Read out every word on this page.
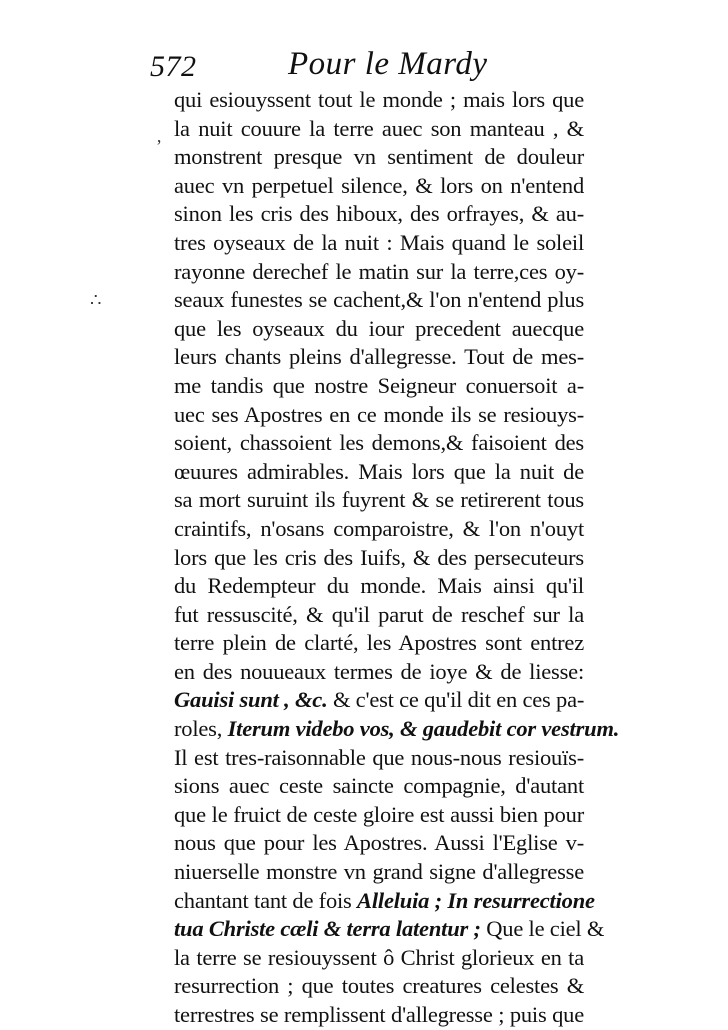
572	Pour le Mardy
ʼ
∴
qui esiouyssent tout le monde ; mais lors que
la nuit couure la terre auec son manteau , &
monstrent presque vn sentiment de douleur
auec vn perpetuel silence, & lors on n'entend
sinon les cris des hiboux, des orfrayes, & au-
tres oyseaux de la nuit : Mais quand le soleil
rayonne derechef le matin sur la terre,ces oy-
seaux funestes se cachent,& l'on n'entend plus
que les oyseaux du iour precedent auecque
leurs chants pleins d'allegresse. Tout de mes-
me tandis que nostre Seigneur conuersoit a-
uec ses Apostres en ce monde ils se resiouys-
soient, chassoient les demons,& faisoient des
œuures admirables. Mais lors que la nuit de
sa mort suruint ils fuyrent & se retirerent tous
craintifs, n'osans comparoistre, & l'on n'ouyt
lors que les cris des Iuifs, & des persecuteurs
du Redempteur du monde. Mais ainsi qu'il
fut ressuscité, & qu'il parut de reschef sur la
terre plein de clarté, les Apostres sont entrez
en des nouueaux termes de ioye & de liesse:
Gauisi sunt , &c. & c'est ce qu'il dit en ces pa-
roles, Iterum videbo vos, & gaudebit cor vestrum.
Il est tres-raisonnable que nous-nous resiouïs-
sions auec ceste saincte compagnie, d'autant
que le fruict de ceste gloire est aussi bien pour
nous que pour les Apostres. Aussi l'Eglise v-
niuerselle monstre vn grand signe d'allegresse
chantant tant de fois Alleluia ; In resurrectione
tua Christe cæli & terra latentur ; Que le ciel &
la terre se resiouyssent ô Christ glorieux en ta
resurrection ; que toutes creatures celestes &
terrestres se remplissent d'allegresse ; puis que
